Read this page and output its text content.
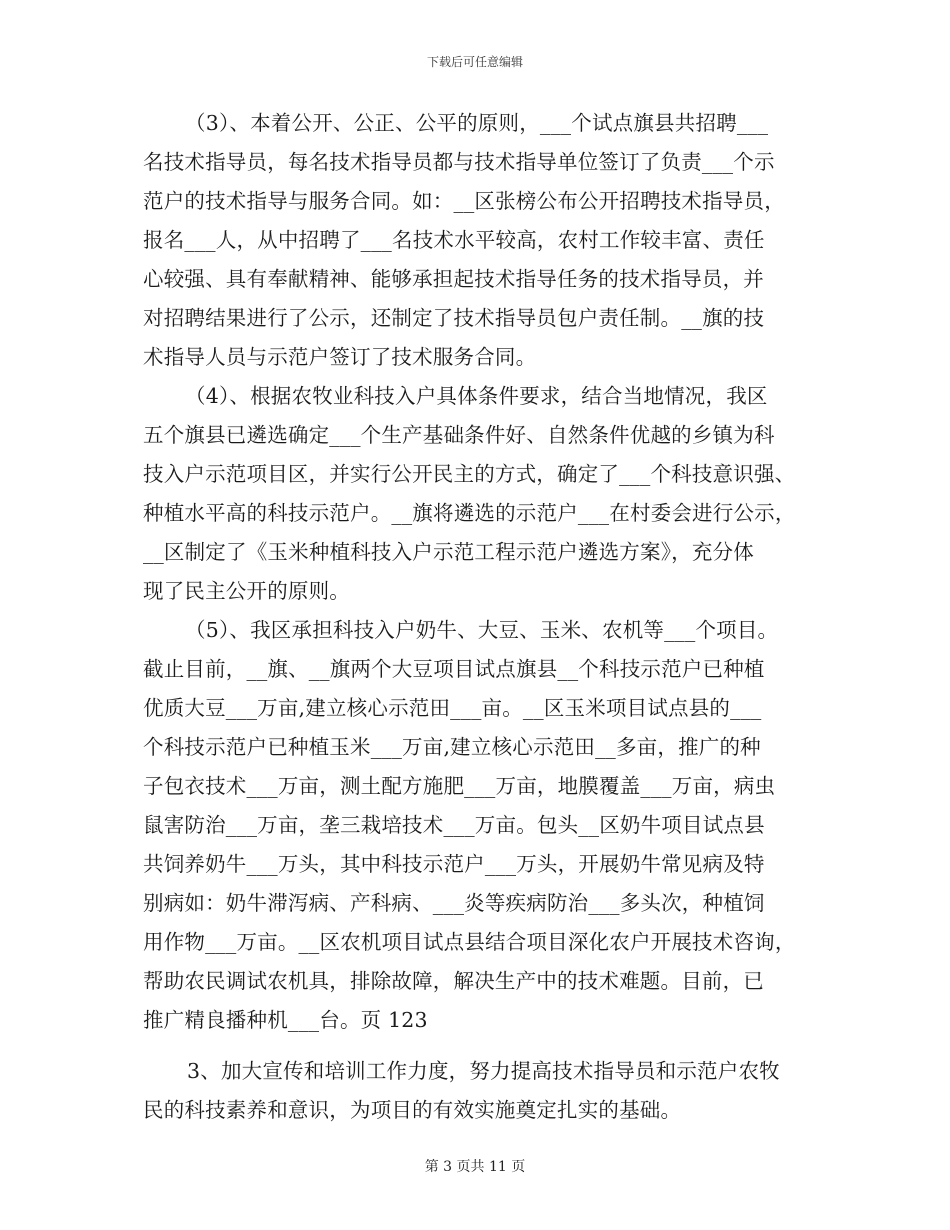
下载后可任意编辑
（3）、本着公开、公正、公平的原则，___个试点旗县共招聘___
名技术指导员，每名技术指导员都与技术指导单位签订了负责___个示
范户的技术指导与服务合同。如：__区张榜公布公开招聘技术指导员，
报名___人，从中招聘了___名技术水平较高，农村工作较丰富、责任
心较强、具有奉献精神、能够承担起技术指导任务的技术指导员，并
对招聘结果进行了公示，还制定了技术指导员包户责任制。__旗的技
术指导人员与示范户签订了技术服务合同。
（4）、根据农牧业科技入户具体条件要求，结合当地情况，我区
五个旗县已遴选确定___个生产基础条件好、自然条件优越的乡镇为科
技入户示范项目区，并实行公开民主的方式，确定了___个科技意识强、
种植水平高的科技示范户。__旗将遴选的示范户___在村委会进行公示，
__区制定了《玉米种植科技入户示范工程示范户遴选方案》，充分体
现了民主公开的原则。
（5）、我区承担科技入户奶牛、大豆、玉米、农机等___个项目。
截止目前，__旗、__旗两个大豆项目试点旗县__个科技示范户已种植
优质大豆___万亩,建立核心示范田___亩。__区玉米项目试点县的___
个科技示范户已种植玉米___万亩,建立核心示范田__多亩，推广的种
子包衣技术___万亩，测土配方施肥___万亩，地膜覆盖___万亩，病虫
鼠害防治___万亩，垄三栽培技术___万亩。包头__区奶牛项目试点县
共饲养奶牛___万头，其中科技示范户___万头，开展奶牛常见病及特
别病如：奶牛滞泻病、产科病、___炎等疾病防治___多头次，种植饲
用作物___万亩。__区农机项目试点县结合项目深化农户开展技术咨询，
帮助农民调试农机具，排除故障，解决生产中的技术难题。目前，已
推广精良播种机___台。页 123
3、加大宣传和培训工作力度，努力提高技术指导员和示范户农牧
民的科技素养和意识，为项目的有效实施奠定扎实的基础。
第 3 页共 11 页
